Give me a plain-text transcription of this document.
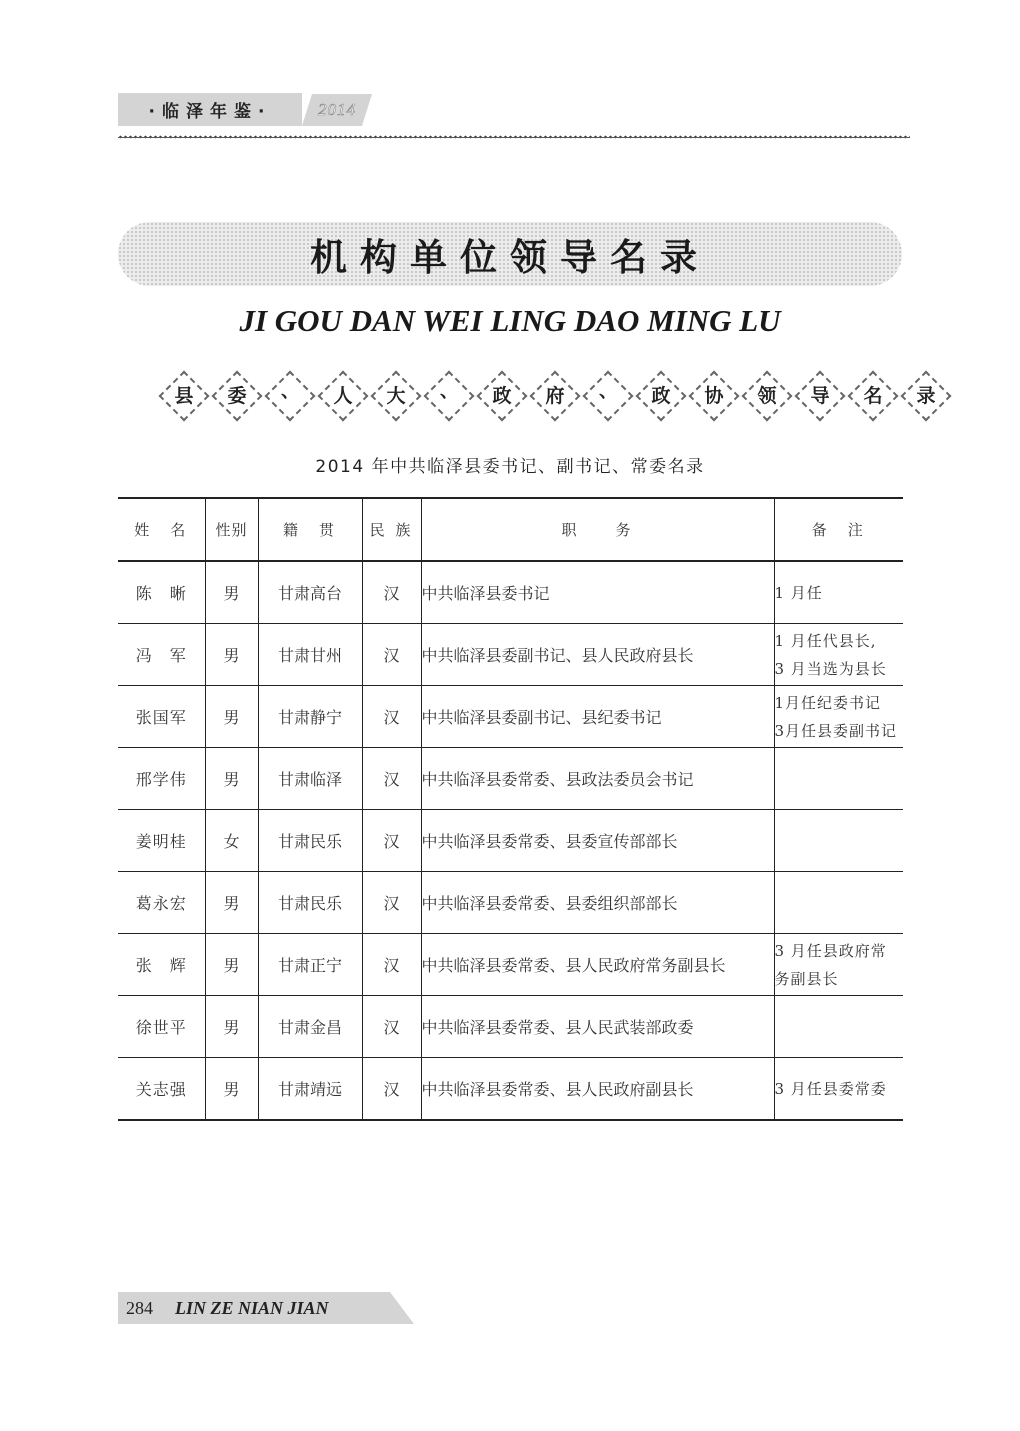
·临泽年鉴·	2014
机构单位领导名录
JI GOU DAN WEI LING DAO MING LU
县	委	、	人	大	、	政	府	、	政	协	领	导	名	录
2014 年中共临泽县委书记、副书记、常委名录
姓　名	性别	籍　贯	民 族	职　　务	备　注
陈　晰	男	甘肃高台	汉	中共临泽县委书记	1 月任

冯　军	男	甘肃甘州	汉	中共临泽县委副书记、县人民政府县长	1 月任代县长,
3 月当选为县长

张国军	男	甘肃静宁	汉	中共临泽县委副书记、县纪委书记	1月任纪委书记
3月任县委副书记

邢学伟	男	甘肃临泽	汉	中共临泽县委常委、县政法委员会书记	
姜明桂	女	甘肃民乐	汉	中共临泽县委常委、县委宣传部部长	
葛永宏	男	甘肃民乐	汉	中共临泽县委常委、县委组织部部长	
张　辉	男	甘肃正宁	汉	中共临泽县委常委、县人民政府常务副县长	3 月任县政府常
务副县长

徐世平	男	甘肃金昌	汉	中共临泽县委常委、县人民武装部政委	
关志强	男	甘肃靖远	汉	中共临泽县委常委、县人民政府副县长	3 月任县委常委
284 LIN ZE NIAN JIAN
